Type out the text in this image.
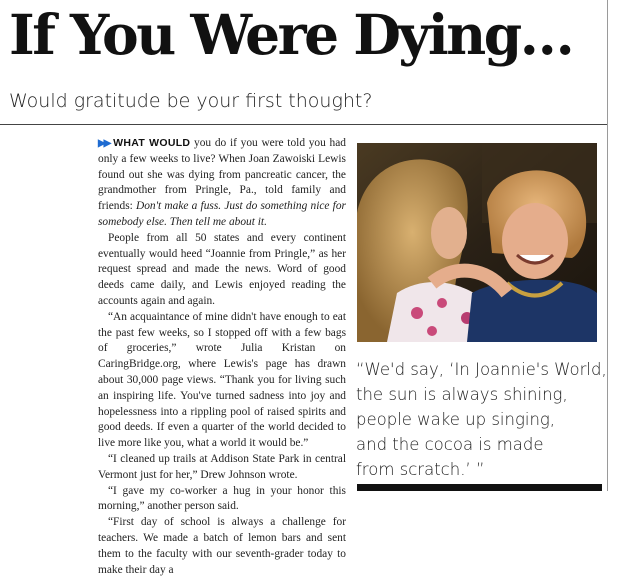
If You Were Dying…

Would gratitude be your first thought?

▶▶ WHAT WOULD you do if you were told you had only a few weeks to live? When Joan Zawoiski Lewis found out she was dying from pancreatic cancer, the grandmother from Pringle, Pa., told family and friends: Don't make a fuss. Just do something nice for somebody else. Then tell me about it.

People from all 50 states and every continent eventually would heed “Joannie from Pringle,” as her request spread and made the news. Word of good deeds came daily, and Lewis enjoyed reading the accounts again and again.

“An acquaintance of mine didn't have enough to eat the past few weeks, so I stopped off with a few bags of groceries,” wrote Julia Kristan on CaringBridge.org, where Lewis's page has drawn about 30,000 page views. “Thank you for living such an inspiring life. You've turned sadness into joy and hopelessness into a rippling pool of raised spirits and good deeds. If even a quarter of the world decided to live more like you, what a world it would be.”

“I cleaned up trails at Addison State Park in central Vermont just for her,” Drew Johnson wrote.

“I gave my co-worker a hug in your honor this morning,” another person said.

“First day of school is always a challenge for teachers. We made a batch of lemon bars and sent them to the faculty with our seventh-grader today to make their day a

“We'd say, ‘In Joannie's World,
the sun is always shining,
people wake up singing,
and the cocoa is made
from scratch.’ ”
